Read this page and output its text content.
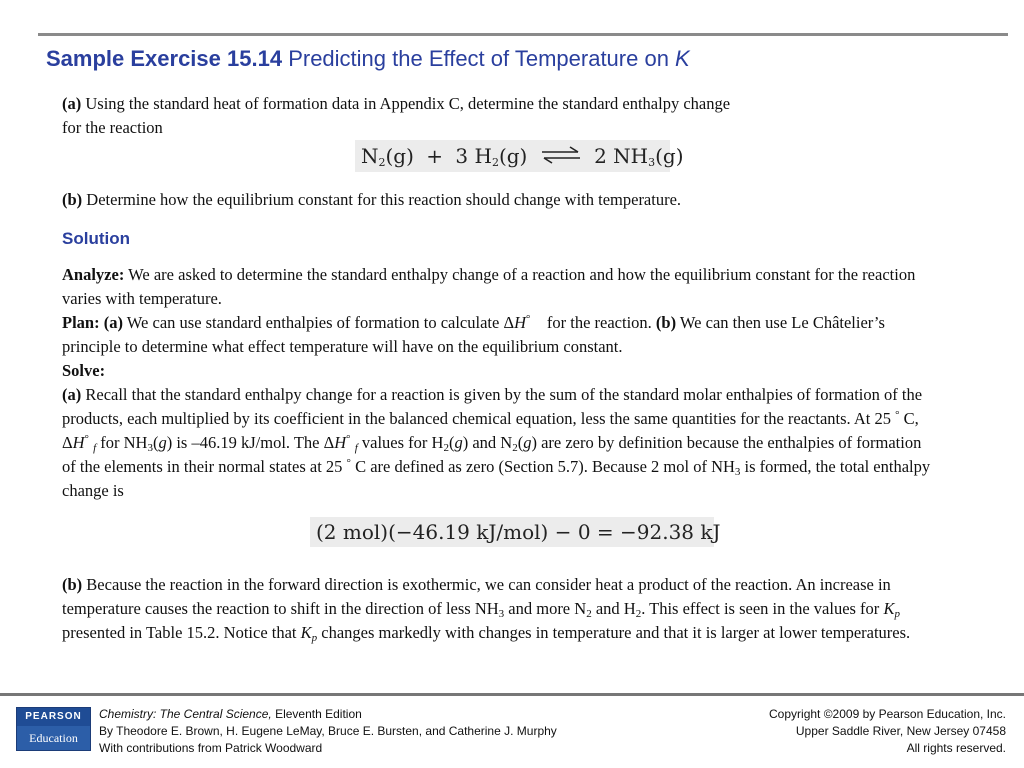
Sample Exercise 15.14 Predicting the Effect of Temperature on K
(a) Using the standard heat of formation data in Appendix C, determine the standard enthalpy change for the reaction
$N_2(g) + 3$ $H_2(g)$ ⇌ 2 $NH_3(g)$
(b) Determine how the equilibrium constant for this reaction should change with temperature.
Solution
Analyze: We are asked to determine the standard enthalpy change of a reaction and how the equilibrium constant for the reaction varies with temperature.
Plan: (a) We can use standard enthalpies of formation to calculate ΔH° for the reaction. (b) We can then use Le Châtelier’s principle to determine what effect temperature will have on the equilibrium constant.
Solve:
(a) Recall that the standard enthalpy change for a reaction is given by the sum of the standard molar enthalpies of formation of the products, each multiplied by its coefficient in the balanced chemical equation, less the same quantities for the reactants. At 25 ° C, ΔH° $_f$ for $NH_3(g)$ is –46.19 kJ/mol. The ΔH° $_f$ values for $H_2(g)$ and $N_2(g)$ are zero by definition because the enthalpies of formation of the elements in their normal states at 25 ° C are defined as zero (Section 5.7). Because 2 mol of $NH_3$ is formed, the total enthalpy change is
(2 mol)(−46.19 kJ/mol) − 0 = −92.38 kJ
(b) Because the reaction in the forward direction is exothermic, we can consider heat a product of the reaction. An increase in temperature causes the reaction to shift in the direction of less $NH_3$ and more $N_2$ and $H_2$. This effect is seen in the values for $K_p$ presented in Table 15.2. Notice that $K_p$ changes markedly with changes in temperature and that it is larger at lower temperatures.
PEARSON
Education
Chemistry: The Central Science, Eleventh Edition
By Theodore E. Brown, H. Eugene LeMay, Bruce E. Bursten, and Catherine J. Murphy
With contributions from Patrick Woodward
Copyright ©2009 by Pearson Education, Inc.
Upper Saddle River, New Jersey 07458
All rights reserved.
